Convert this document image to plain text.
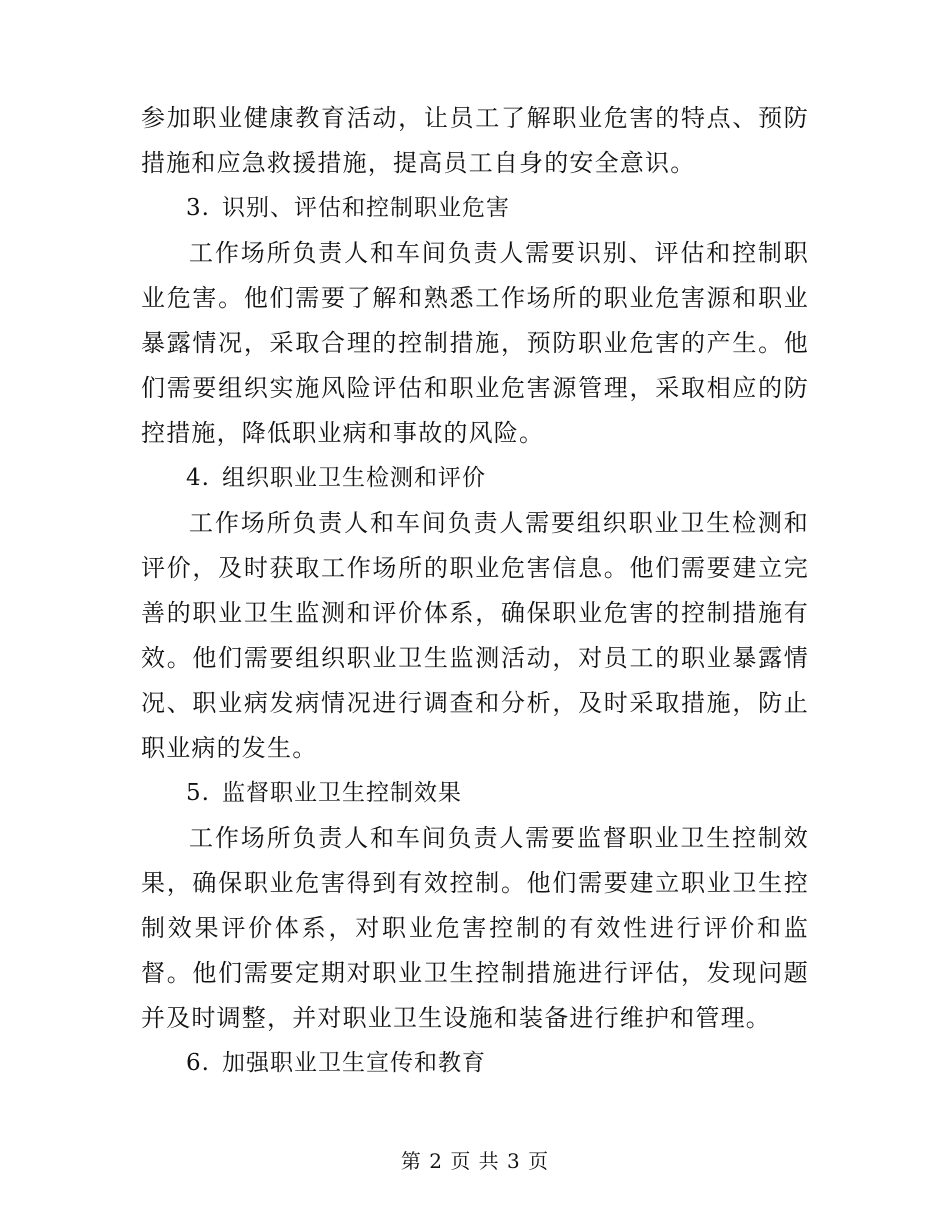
参加职业健康教育活动，让员工了解职业危害的特点、预防措施和应急救援措施，提高员工自身的安全意识。

3. 识别、评估和控制职业危害

工作场所负责人和车间负责人需要识别、评估和控制职业危害。他们需要了解和熟悉工作场所的职业危害源和职业暴露情况，采取合理的控制措施，预防职业危害的产生。他们需要组织实施风险评估和职业危害源管理，采取相应的防控措施，降低职业病和事故的风险。

4. 组织职业卫生检测和评价

工作场所负责人和车间负责人需要组织职业卫生检测和评价，及时获取工作场所的职业危害信息。他们需要建立完善的职业卫生监测和评价体系，确保职业危害的控制措施有效。他们需要组织职业卫生监测活动，对员工的职业暴露情况、职业病发病情况进行调查和分析，及时采取措施，防止职业病的发生。

5. 监督职业卫生控制效果

工作场所负责人和车间负责人需要监督职业卫生控制效果，确保职业危害得到有效控制。他们需要建立职业卫生控制效果评价体系，对职业危害控制的有效性进行评价和监督。他们需要定期对职业卫生控制措施进行评估，发现问题并及时调整，并对职业卫生设施和装备进行维护和管理。

6. 加强职业卫生宣传和教育

第 2 页 共 3 页
